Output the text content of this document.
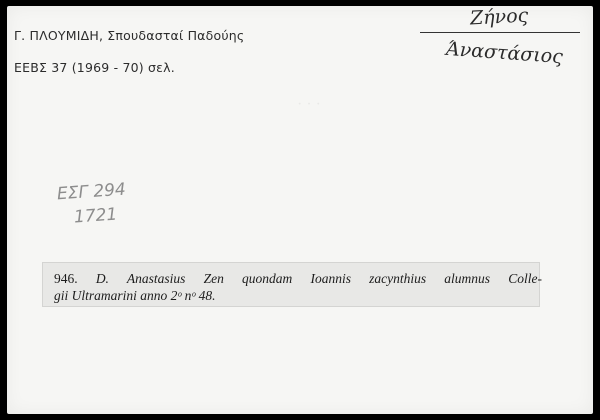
· · ·
Γ. ΠΛΟΥΜΙΔΗ, Σπουδασταί Παδούης
ΕΕΒΣ 37 (1969 - 70) σελ.
Ζήνος
Άναστάσιος
ΕΣΓ 294
1721
946. D. Anastasius Zen quondam Ioannis zacynthius alumnus Colle-
gii Ultramarini anno 2ᵒ nᵒ 48.
